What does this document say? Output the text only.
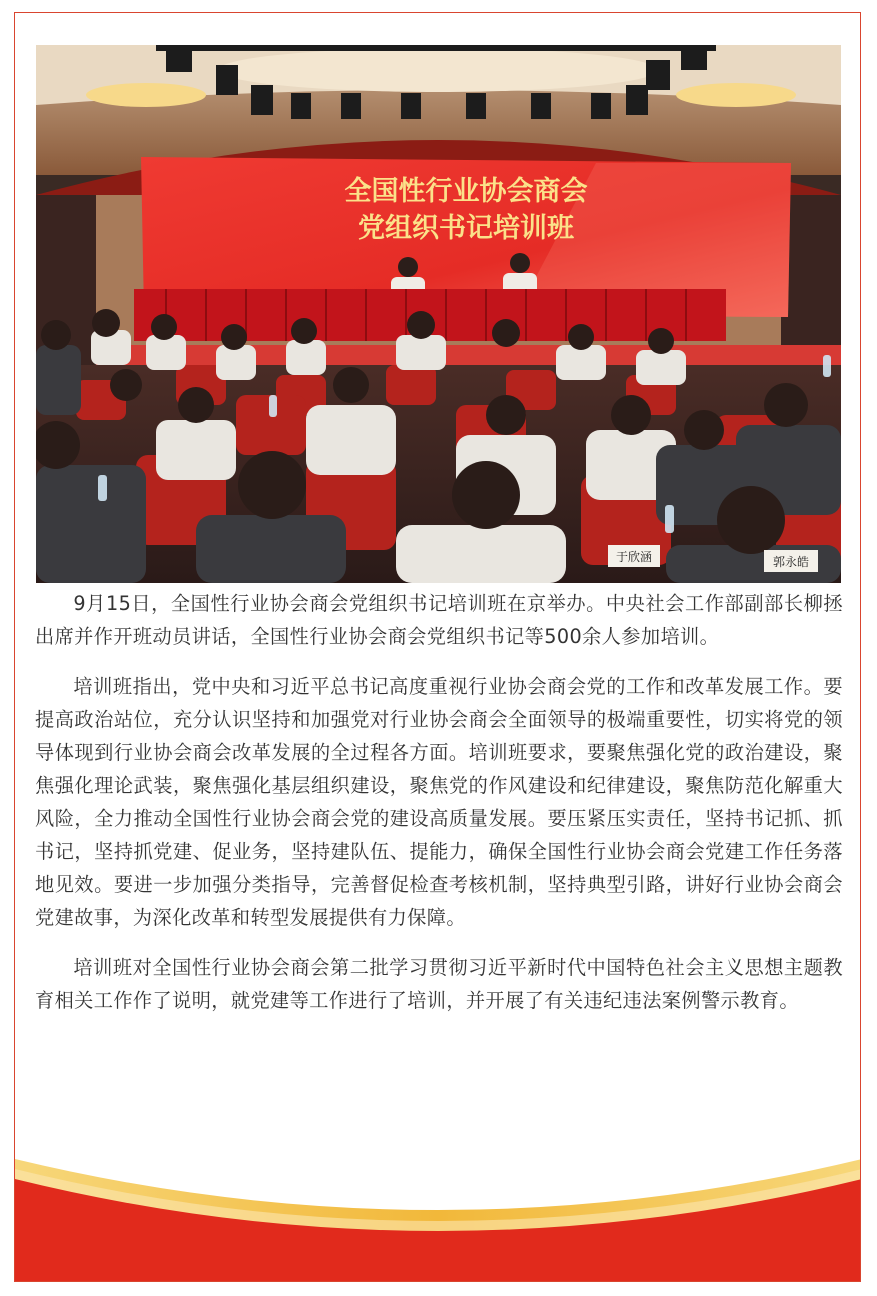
全国性行业协会商会
党组织书记培训班
于欣涵	郭永皓

9月15日，全国性行业协会商会党组织书记培训班在京举办。中央社会工作部副部长柳拯出席并作开班动员讲话，全国性行业协会商会党组织书记等500余人参加培训。

培训班指出，党中央和习近平总书记高度重视行业协会商会党的工作和改革发展工作。要提高政治站位，充分认识坚持和加强党对行业协会商会全面领导的极端重要性，切实将党的领导体现到行业协会商会改革发展的全过程各方面。培训班要求，要聚焦强化党的政治建设，聚焦强化理论武装，聚焦强化基层组织建设，聚焦党的作风建设和纪律建设，聚焦防范化解重大风险，全力推动全国性行业协会商会党的建设高质量发展。要压紧压实责任，坚持书记抓、抓书记，坚持抓党建、促业务，坚持建队伍、提能力，确保全国性行业协会商会党建工作任务落地见效。要进一步加强分类指导，完善督促检查考核机制，坚持典型引路，讲好行业协会商会党建故事，为深化改革和转型发展提供有力保障。

培训班对全国性行业协会商会第二批学习贯彻习近平新时代中国特色社会主义思想主题教育相关工作作了说明，就党建等工作进行了培训，并开展了有关违纪违法案例警示教育。
